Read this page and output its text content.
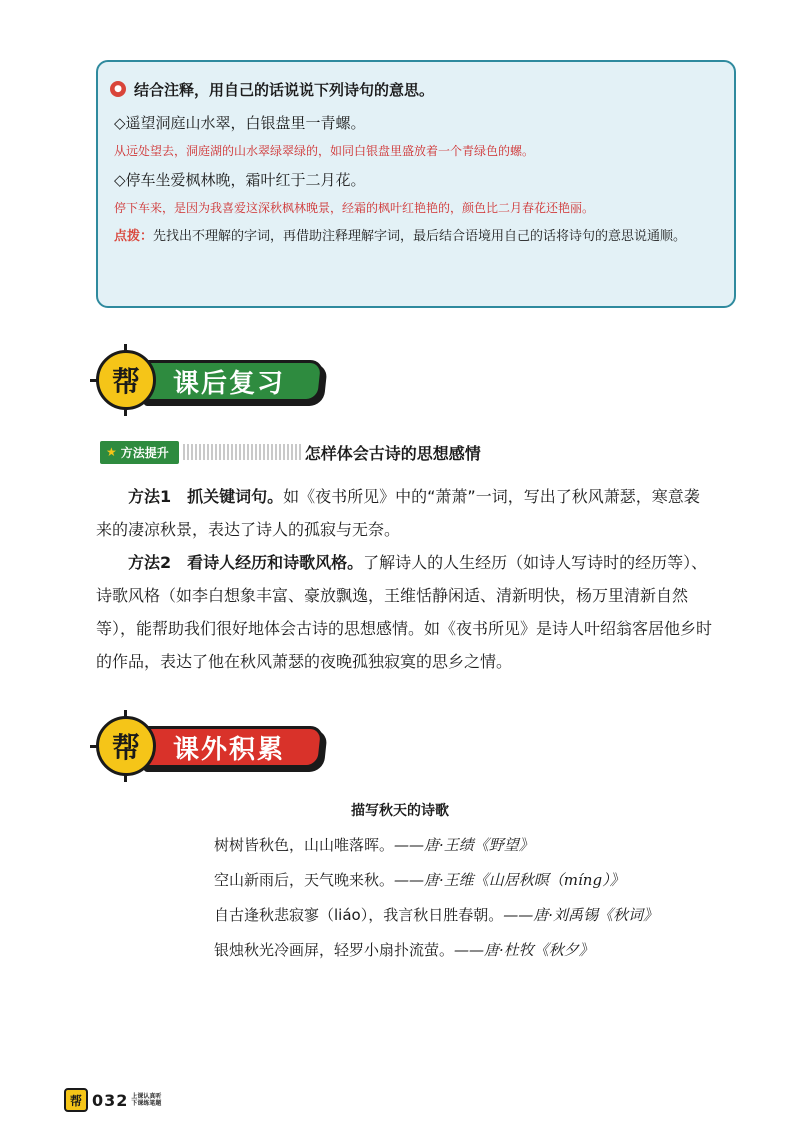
● 结合注释，用自己的话说说下列诗句的意思。
◇遥望洞庭山水翠，白银盘里一青螺。
从远处望去，洞庭湖的山水翠绿翠绿的，如同白银盘里盛放着一个青绿色的螺。
◇停车坐爱枫林晚，霜叶红于二月花。
停下车来，是因为我喜爱这深秋枫林晚景，经霜的枫叶红艳艳的，颜色比二月春花还艳丽。
点拨：先找出不理解的字词，再借助注释理解字词，最后结合语境用自己的话将诗句的意思说通顺。
帮	课后复习
★ 方法提升	怎样体会古诗的思想感情

方法1　抓关键词句。如《夜书所见》中的“萧萧”一词，写出了秋风萧瑟，寒意袭来的凄凉秋景，表达了诗人的孤寂与无奈。

方法2　看诗人经历和诗歌风格。了解诗人的人生经历（如诗人写诗时的经历等）、诗歌风格（如李白想象丰富、豪放飘逸，王维恬静闲适、清新明快，杨万里清新自然等），能帮助我们很好地体会古诗的思想感情。如《夜书所见》是诗人叶绍翁客居他乡时的作品，表达了他在秋风萧瑟的夜晚孤独寂寞的思乡之情。

帮	课外积累
描写秋天的诗歌
树树皆秋色，山山唯落晖。——唐·王绩《野望》
空山新雨后，天气晚来秋。——唐·王维《山居秋暝（míng）》
自古逢秋悲寂寥（liáo），我言秋日胜春朝。——唐·刘禹锡《秋词》
银烛秋光冷画屏，轻罗小扇扑流萤。——唐·杜牧《秋夕》
帮 032 上课认真听
下课练笔题
